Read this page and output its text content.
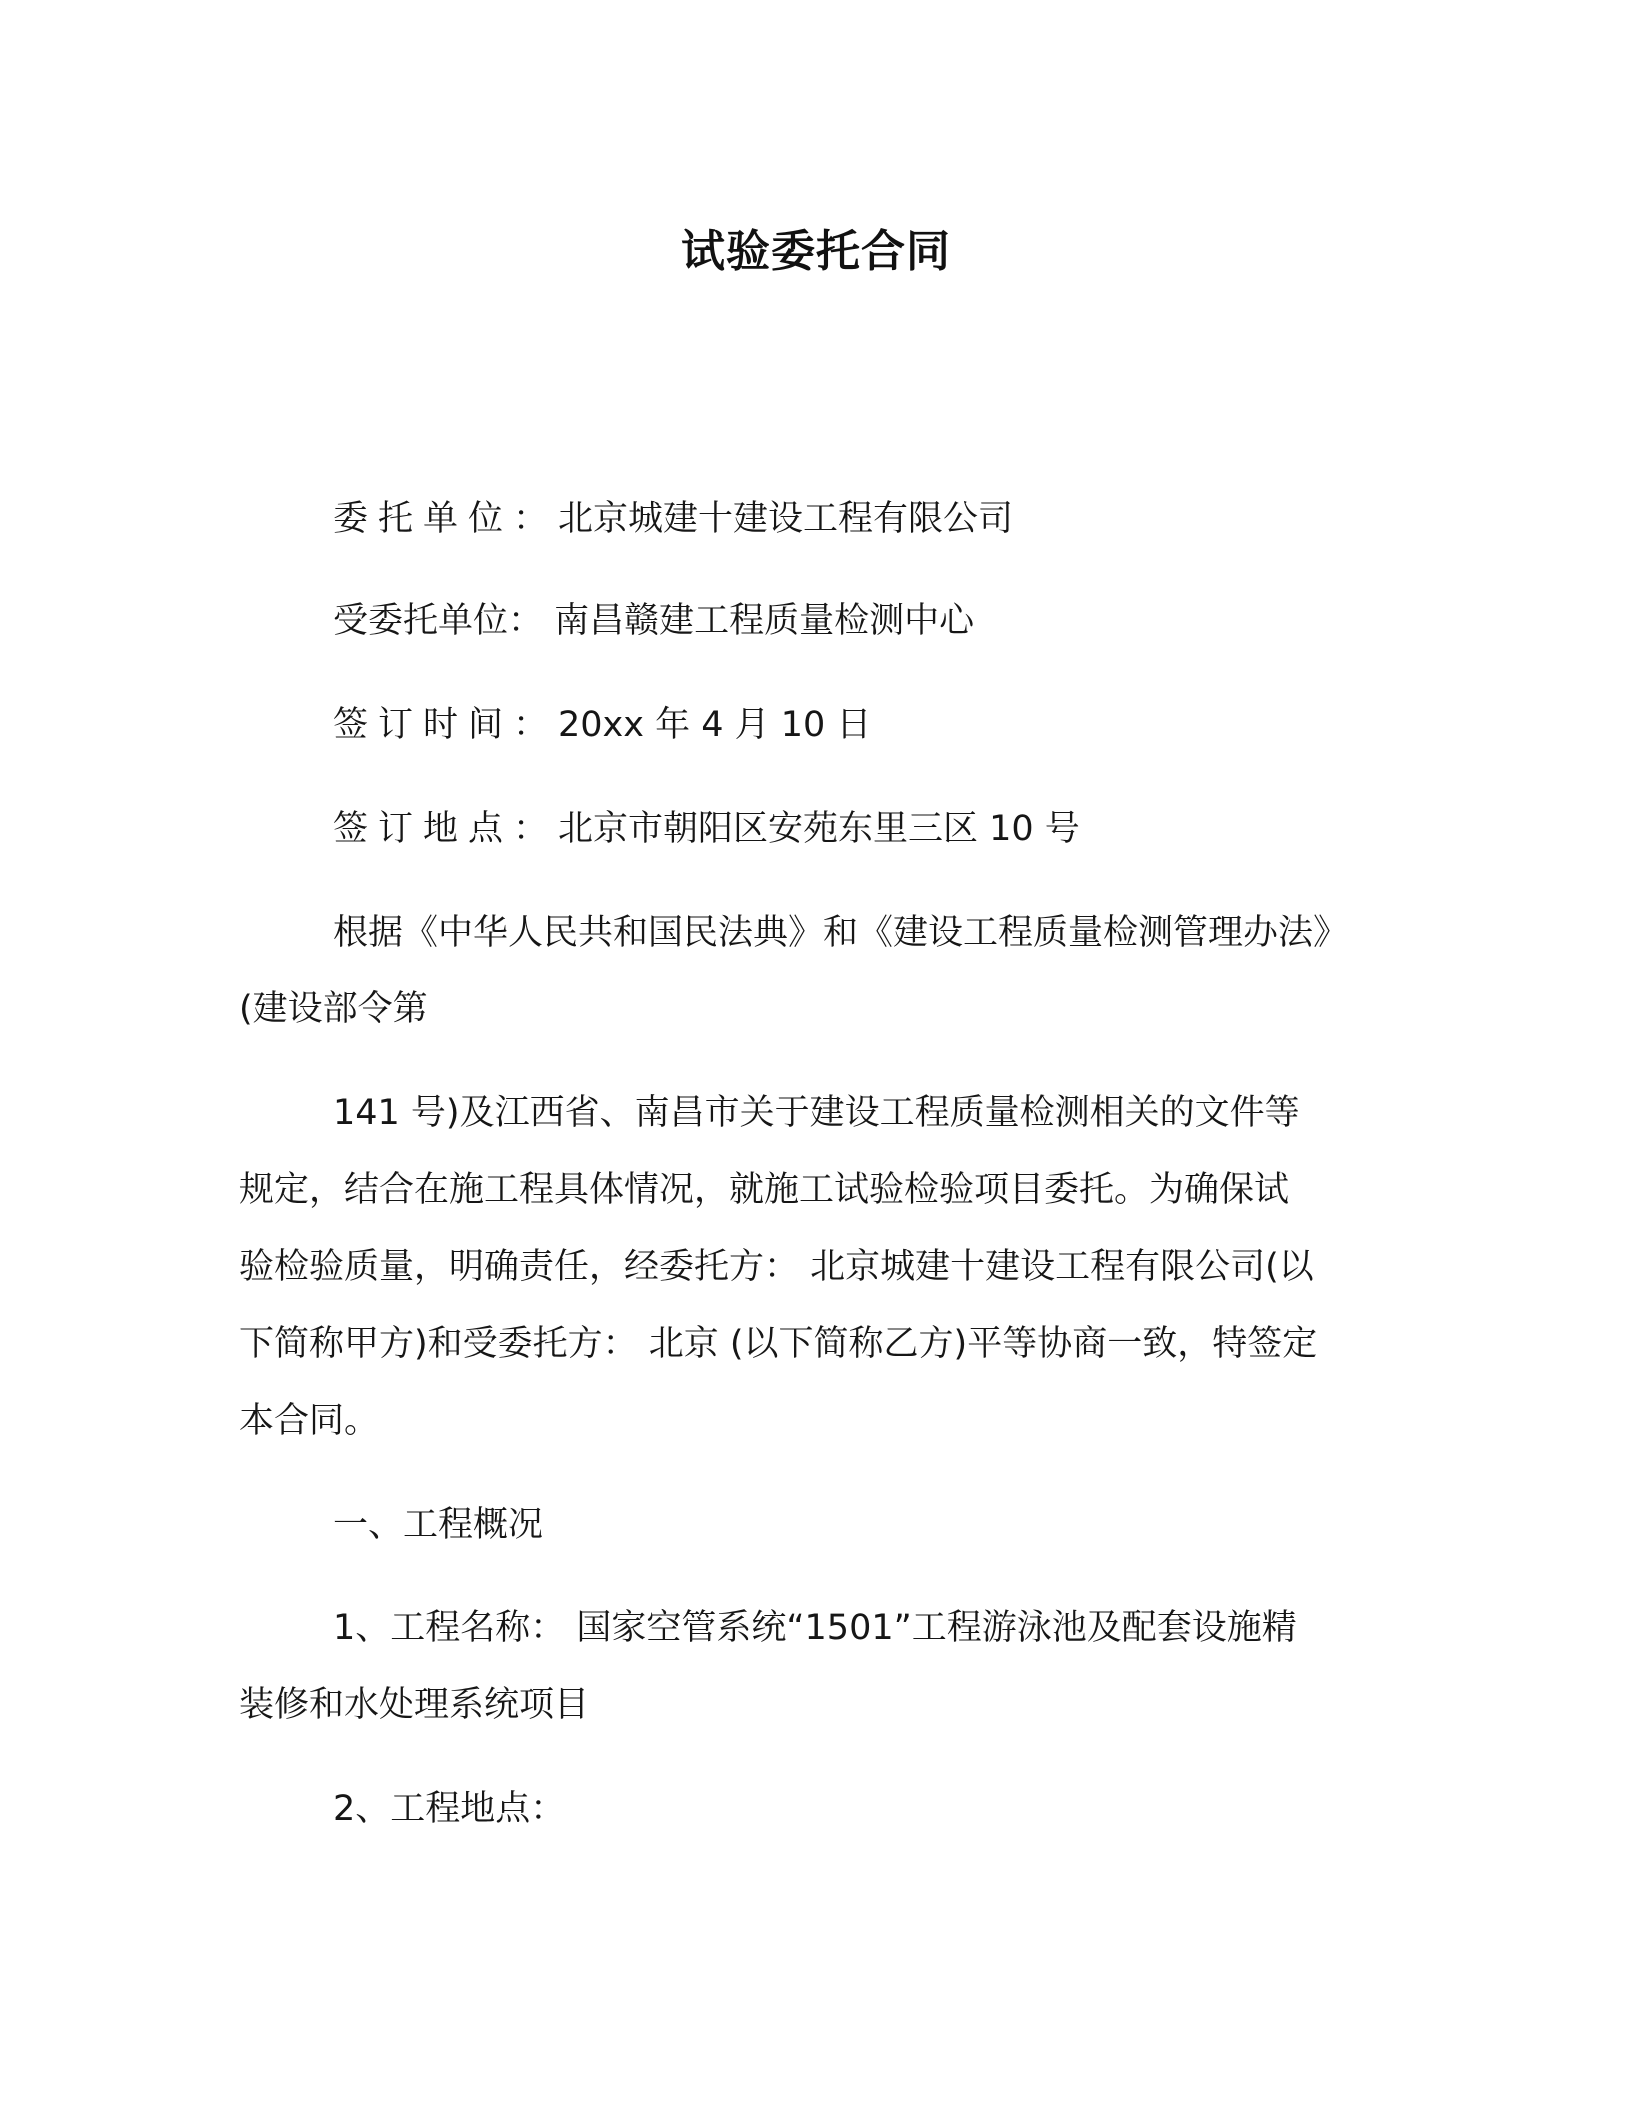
试验委托合同
委托单位：北京城建十建设工程有限公司
受委托单位： 南昌赣建工程质量检测中心
签订时间：20xx 年 4 月 10 日
签订地点：北京市朝阳区安苑东里三区 10 号
根据《中华人民共和国民法典》和《建设工程质量检测管理办法》
(建设部令第
141 号)及江西省、南昌市关于建设工程质量检测相关的文件等
规定，结合在施工程具体情况，就施工试验检验项目委托。为确保试
验检验质量，明确责任，经委托方： 北京城建十建设工程有限公司(以
下简称甲方)和受委托方： 北京 (以下简称乙方)平等协商一致，特签定
本合同。
一、工程概况
1、工程名称： 国家空管系统“1501”工程游泳池及配套设施精
装修和水处理系统项目
2、工程地点：
